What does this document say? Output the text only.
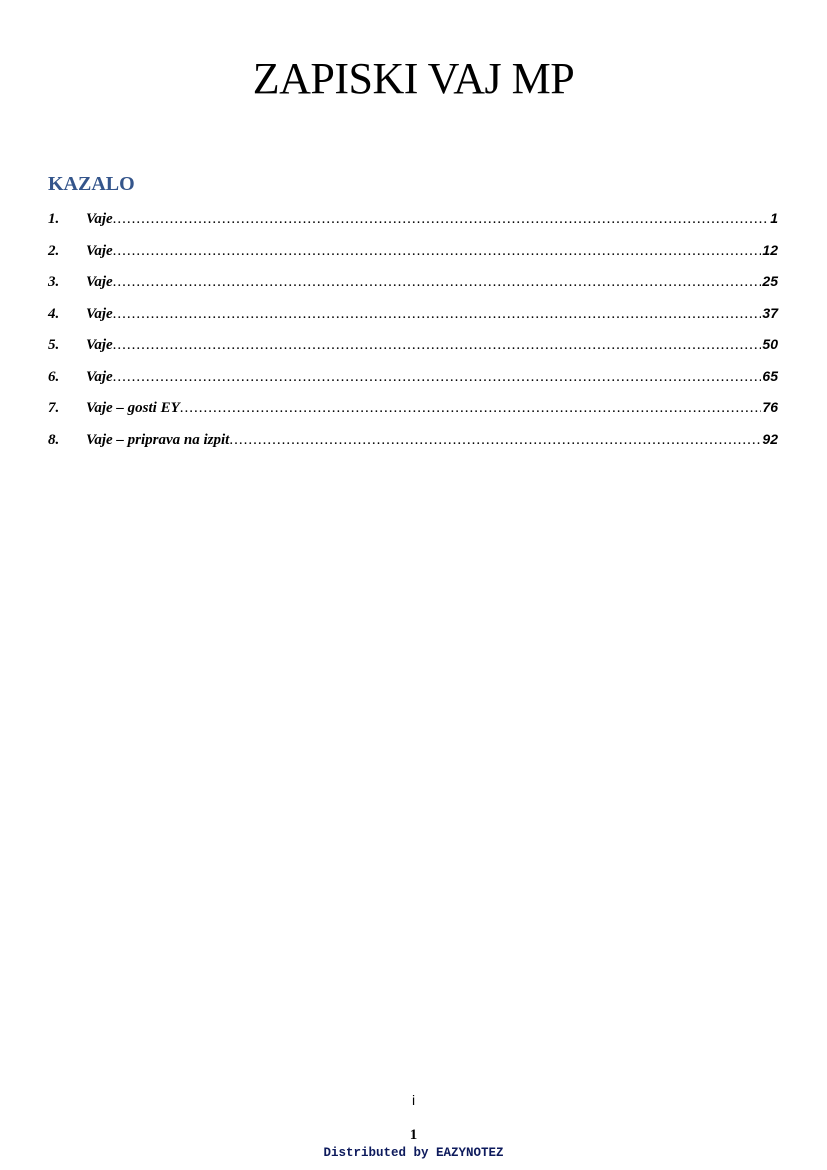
ZAPISKI VAJ MP
KAZALO
1.	Vaje .....	1
2.	Vaje .....	12
3.	Vaje .....	25
4.	Vaje .....	37
5.	Vaje .....	50
6.	Vaje .....	65
7.	Vaje – gosti EY .....	76
8.	Vaje – priprava na izpit .....	92
i
1
Distributed by EAZYNOTEZ
